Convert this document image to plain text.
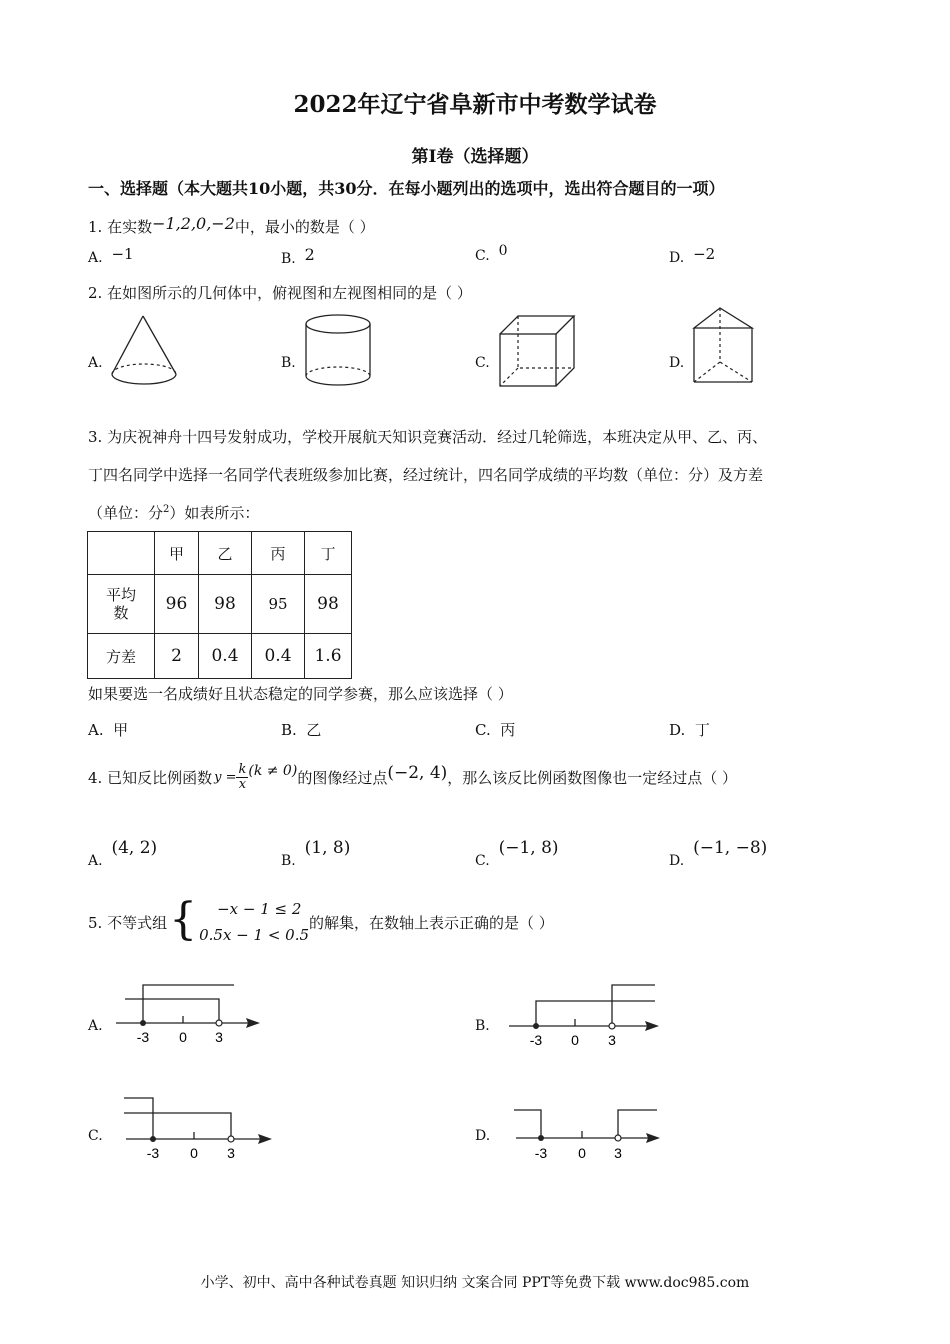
2022年辽宁省阜新市中考数学试卷
第Ⅰ卷（选择题）
一、选择题（本大题共10小题，共30分．在每小题列出的选项中，选出符合题目的一项）
1. 在实数−1,2,0,−2中，最小的数是（ ）
A. −1	B. 2	C. 0	D. −2
2. 在如图所示的几何体中，俯视图和左视图相同的是（ ）
A.	B.	C.	D.
3. 为庆祝神舟十四号发射成功，学校开展航天知识竞赛活动．经过几轮筛选，本班决定从甲、乙、丙、
丁四名同学中选择一名同学代表班级参加比赛，经过统计，四名同学成绩的平均数（单位：分）及方差
（单位：分$^2$）如表所示：
	甲	乙	丙	丁
平均
数	96	98	95	98
方差	2	0.4	0.4	1.6
如果要选一名成绩好且状态稳定的同学参赛，那么应该选择（ ）
A. 甲	B. 乙	C. 丙	D. 丁
4. 已知反比例函数 $y = \frac{k}{x} (k \ne 0)$ 的图像经过点 (−2, 4) ，那么该反比例函数图像也一定经过点（ ）
A.  (4, 2)
B.  (1, 8)
C.  (−1, 8)
D.  (−1, −8)
5. 不等式组 {	−x − 1 ≤ 2
0.5x − 1 < 0.5
的解集，在数轴上表示正确的是（ ）
A.
-3 0 3
B.
-3 0 3
C.
-3 0 3
D.
-3 0 3
小学、初中、高中各种试卷真题 知识归纳 文案合同 PPT等免费下载 www.doc985.com
